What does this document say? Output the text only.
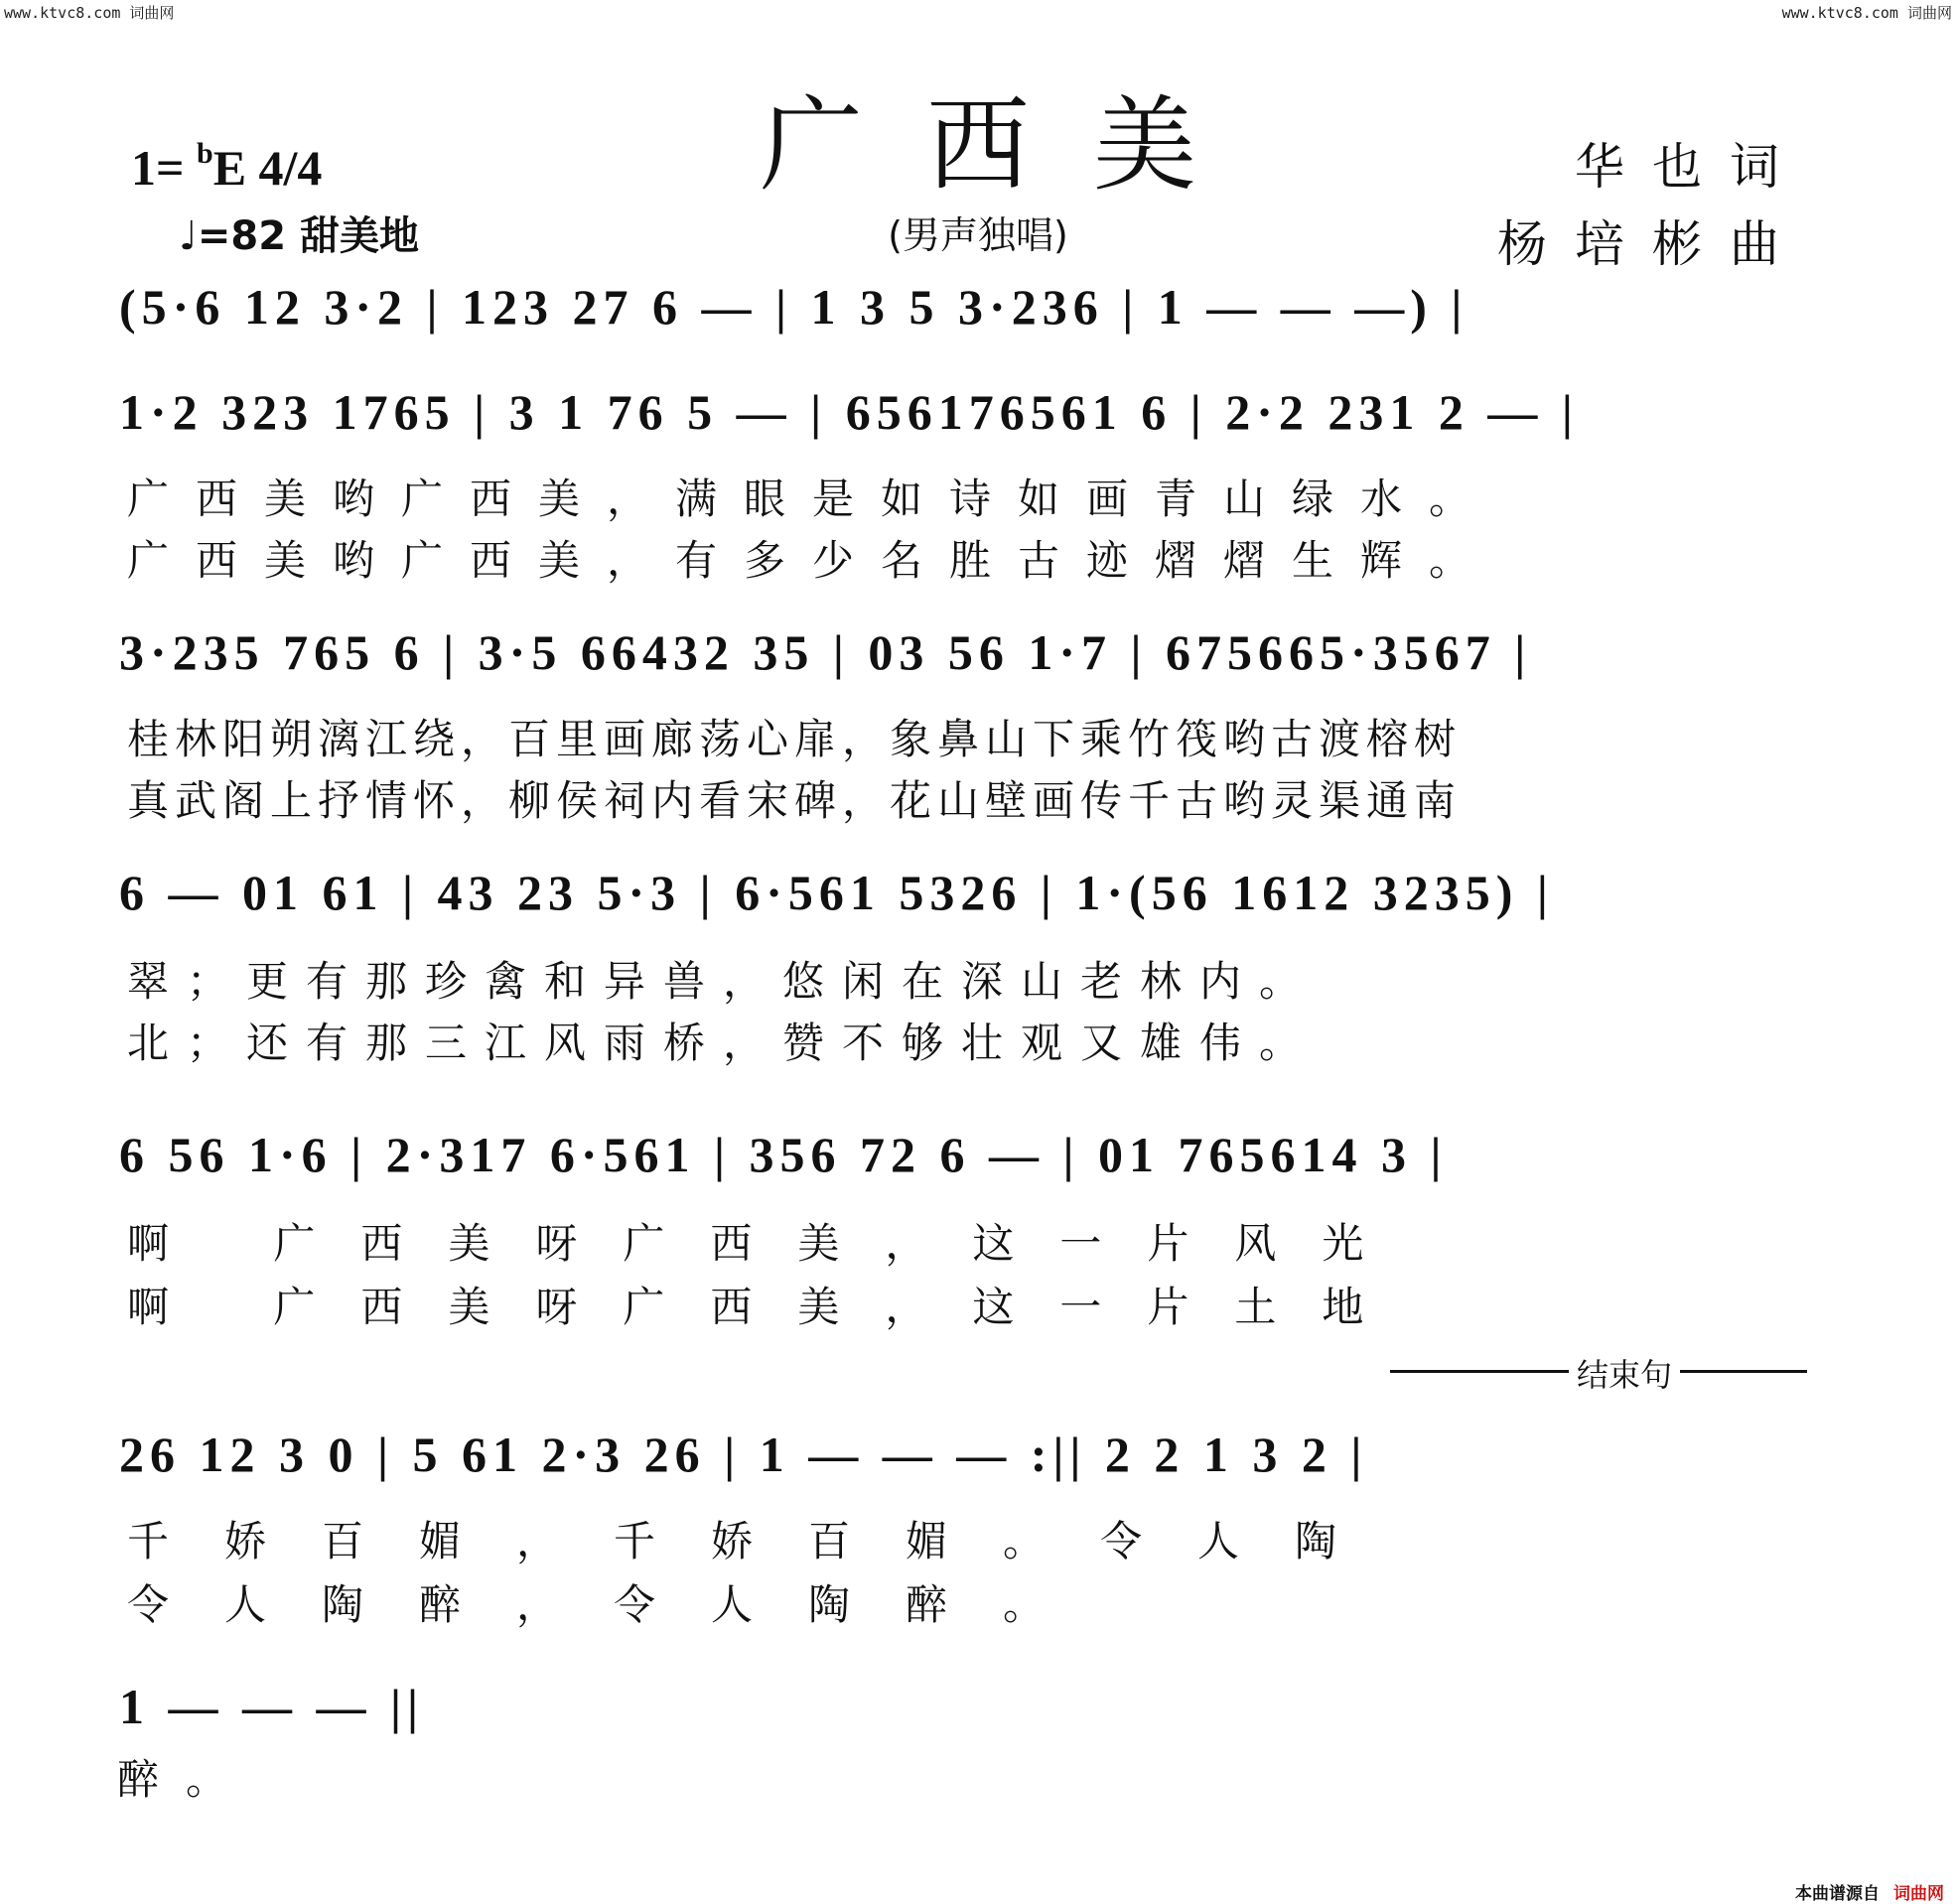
www.ktvc8.com 词曲网	www.ktvc8.com 词曲网
广西美
(男声独唱)
1= $^b$E 4/4
♩=82 甜美地
华也词
杨培彬曲
(5·6 12 3·2 | 123 27 6 — | 1 3 5 3·236 | 1 — — —) |
1·2 323 1765 | 3 1 76 5 — | 656176561 6 | 2·2 231 2 — |
广西美哟广西美，满眼是如诗如画青山绿水。
广西美哟广西美，有多少名胜古迹熠熠生辉。
3·235 765 6 | 3·5 66432 35 | 03 56 1·7 | 675665·3567 |
桂林阳朔漓江绕，百里画廊荡心扉，象鼻山下乘竹筏哟古渡榕树
真武阁上抒情怀，柳侯祠内看宋碑，花山壁画传千古哟灵渠通南
6 — 01 61 | 43 23 5·3 | 6·561 5326 | 1·(56 1612 3235) |
翠；更有那珍禽和异兽，悠闲在深山老林内。
北；还有那三江风雨桥，赞不够壮观又雄伟。
6 56 1·6 | 2·317 6·561 | 356 72 6 — | 01 765614 3 |
啊 广西美呀广西美，这一片风光
啊 广西美呀广西美，这一片土地
结束句
26 12 3 0 | 5 61 2·3 26 | 1 — — — :|| 2 2 1 3 2 |
千娇百媚，千娇百媚。令人陶
令人陶醉，令人陶醉。
1 — — — ||
醉。
本曲谱源自 词曲网
